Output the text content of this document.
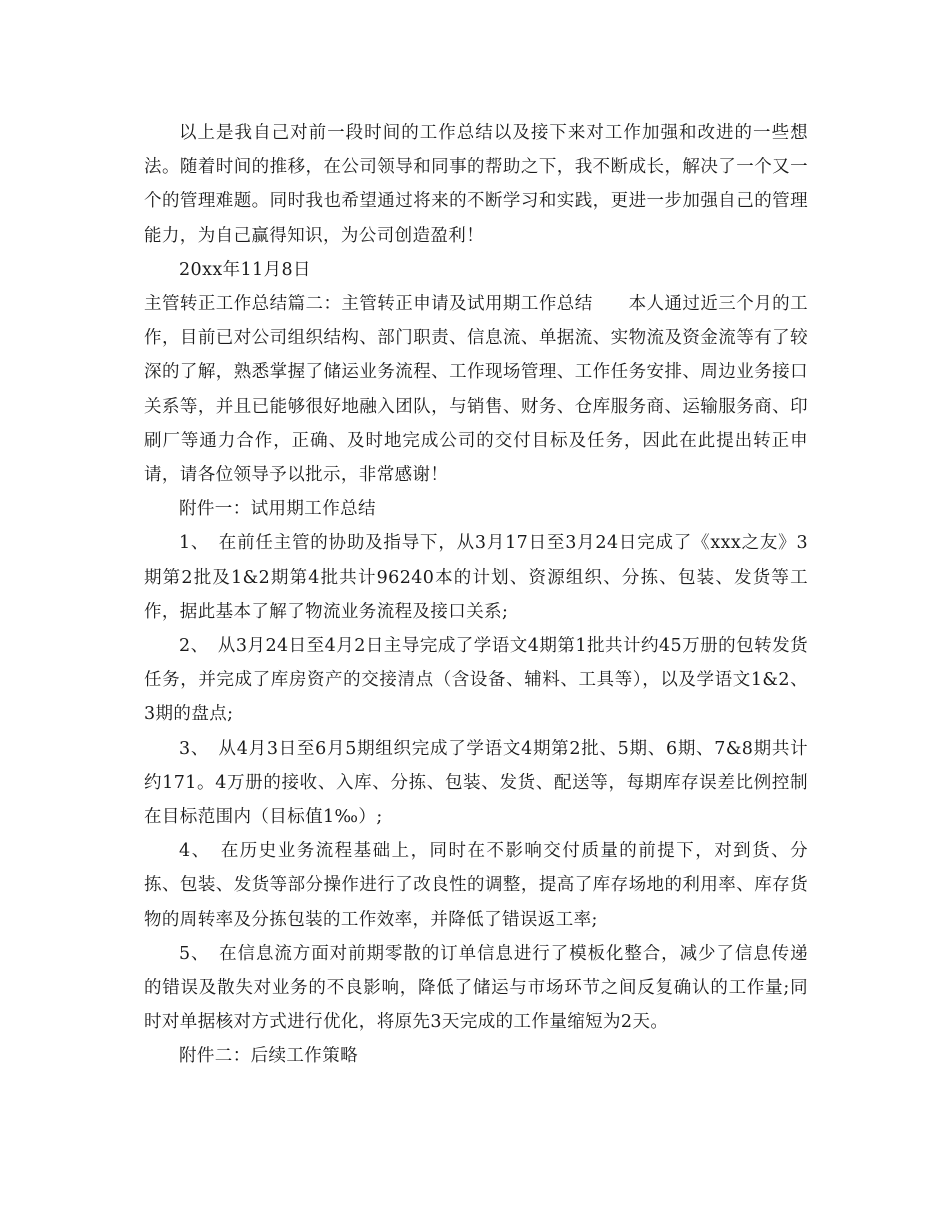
以上是我自己对前一段时间的工作总结以及接下来对工作加强和改进的一些想法。随着时间的推移，在公司领导和同事的帮助之下，我不断成长，解决了一个又一个的管理难题。同时我也希望通过将来的不断学习和实践，更进一步加强自己的管理能力，为自己赢得知识，为公司创造盈利！

20xx年11月8日

主管转正工作总结篇二：主管转正申请及试用期工作总结　　本人通过近三个月的工作，目前已对公司组织结构、部门职责、信息流、单据流、实物流及资金流等有了较深的了解，熟悉掌握了储运业务流程、工作现场管理、工作任务安排、周边业务接口关系等，并且已能够很好地融入团队，与销售、财务、仓库服务商、运输服务商、印刷厂等通力合作，正确、及时地完成公司的交付目标及任务，因此在此提出转正申请，请各位领导予以批示，非常感谢！

附件一：试用期工作总结

1、　在前任主管的协助及指导下，从3月17日至3月24日完成了《xxx之友》3期第2批及1&2期第4批共计96240本的计划、资源组织、分拣、包装、发货等工作，据此基本了解了物流业务流程及接口关系;

2、　从3月24日至4月2日主导完成了学语文4期第1批共计约45万册的包转发货任务，并完成了库房资产的交接清点（含设备、辅料、工具等），以及学语文1&2、3期的盘点;

3、　从4月3日至6月5期组织完成了学语文4期第2批、5期、6期、7&8期共计约171。4万册的接收、入库、分拣、包装、发货、配送等，每期库存误差比例控制在目标范围内（目标值1‰）;

4、　在历史业务流程基础上，同时在不影响交付质量的前提下，对到货、分拣、包装、发货等部分操作进行了改良性的调整，提高了库存场地的利用率、库存货物的周转率及分拣包装的工作效率，并降低了错误返工率;

5、　在信息流方面对前期零散的订单信息进行了模板化整合，减少了信息传递的错误及散失对业务的不良影响，降低了储运与市场环节之间反复确认的工作量;同时对单据核对方式进行优化，将原先3天完成的工作量缩短为2天。

附件二：后续工作策略
